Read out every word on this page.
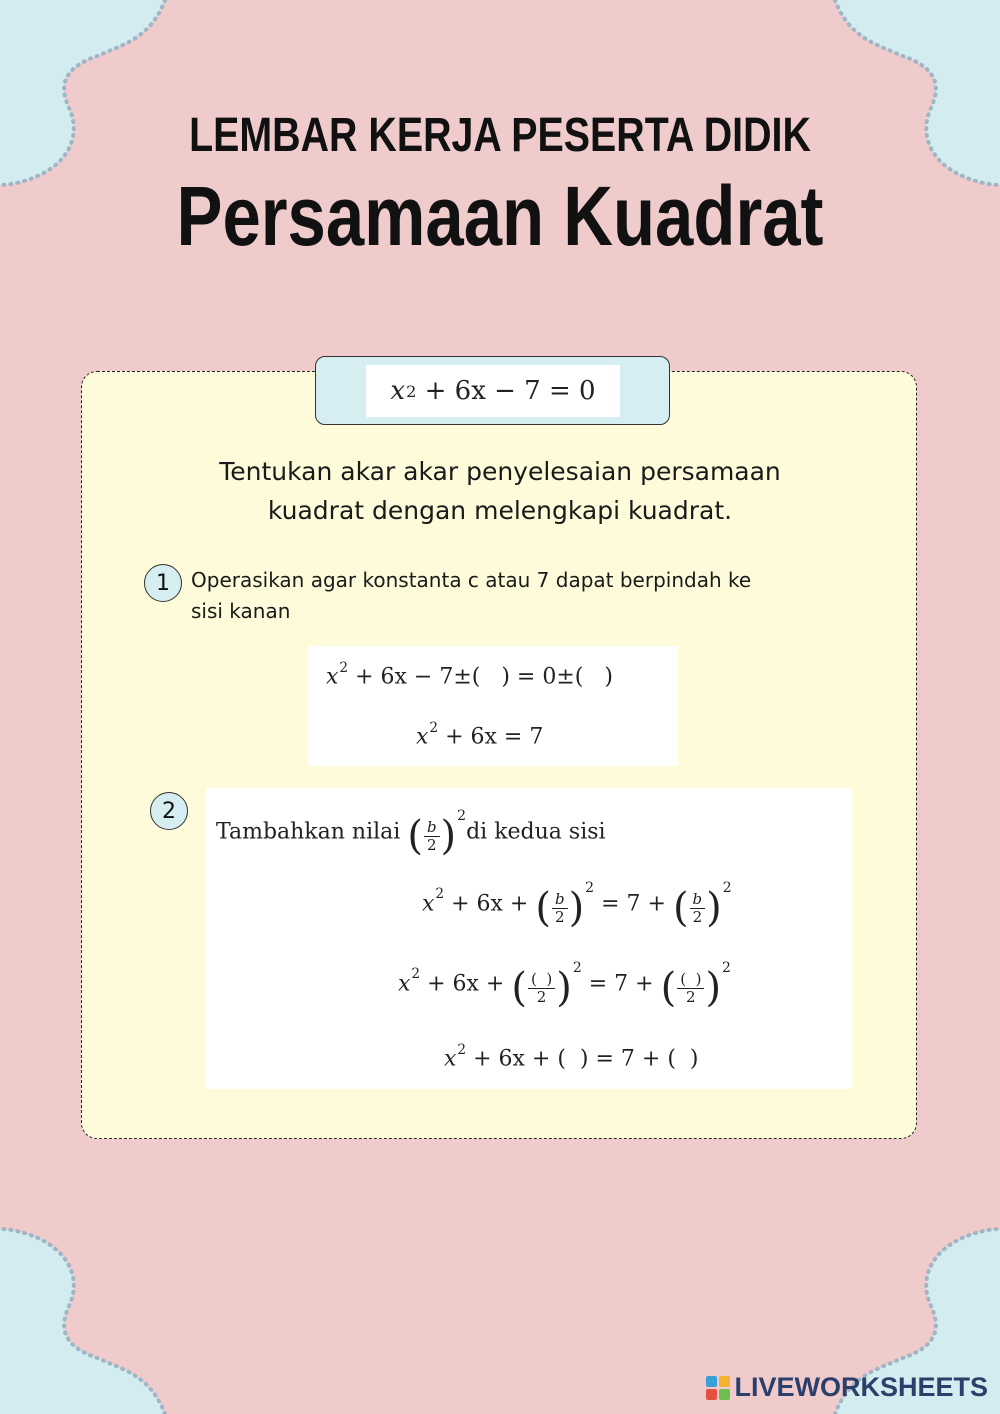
LEMBAR KERJA PESERTA DIDIK
Persamaan Kuadrat
x 2 + 6x − 7 = 0
Tentukan akar akar penyelesaian persamaan
kuadrat dengan melengkapi kuadrat.
1	Operasikan agar konstanta c atau 7 dapat berpindah ke
sisi kanan
$x^2 + 6x - 7\pm$(   ) = 0±(   )
$x^2 + 6x = 7$
2
Tambahkan nilai ( $\frac{b}{2} )^2di$ kedua sisi
$x^2 + 6x$ + ( $\frac{b}{2} )^2 = 7$ + ( $\frac{b}{2} )^2$
$x^2 + 6x$ + ( $\frac{( )}{2} )^2 = 7$ + ( $\frac{( )}{2} )^2$
$x^2 + 6x$ + (  ) = 7 + (  )
LIVEWORKSHEETS
